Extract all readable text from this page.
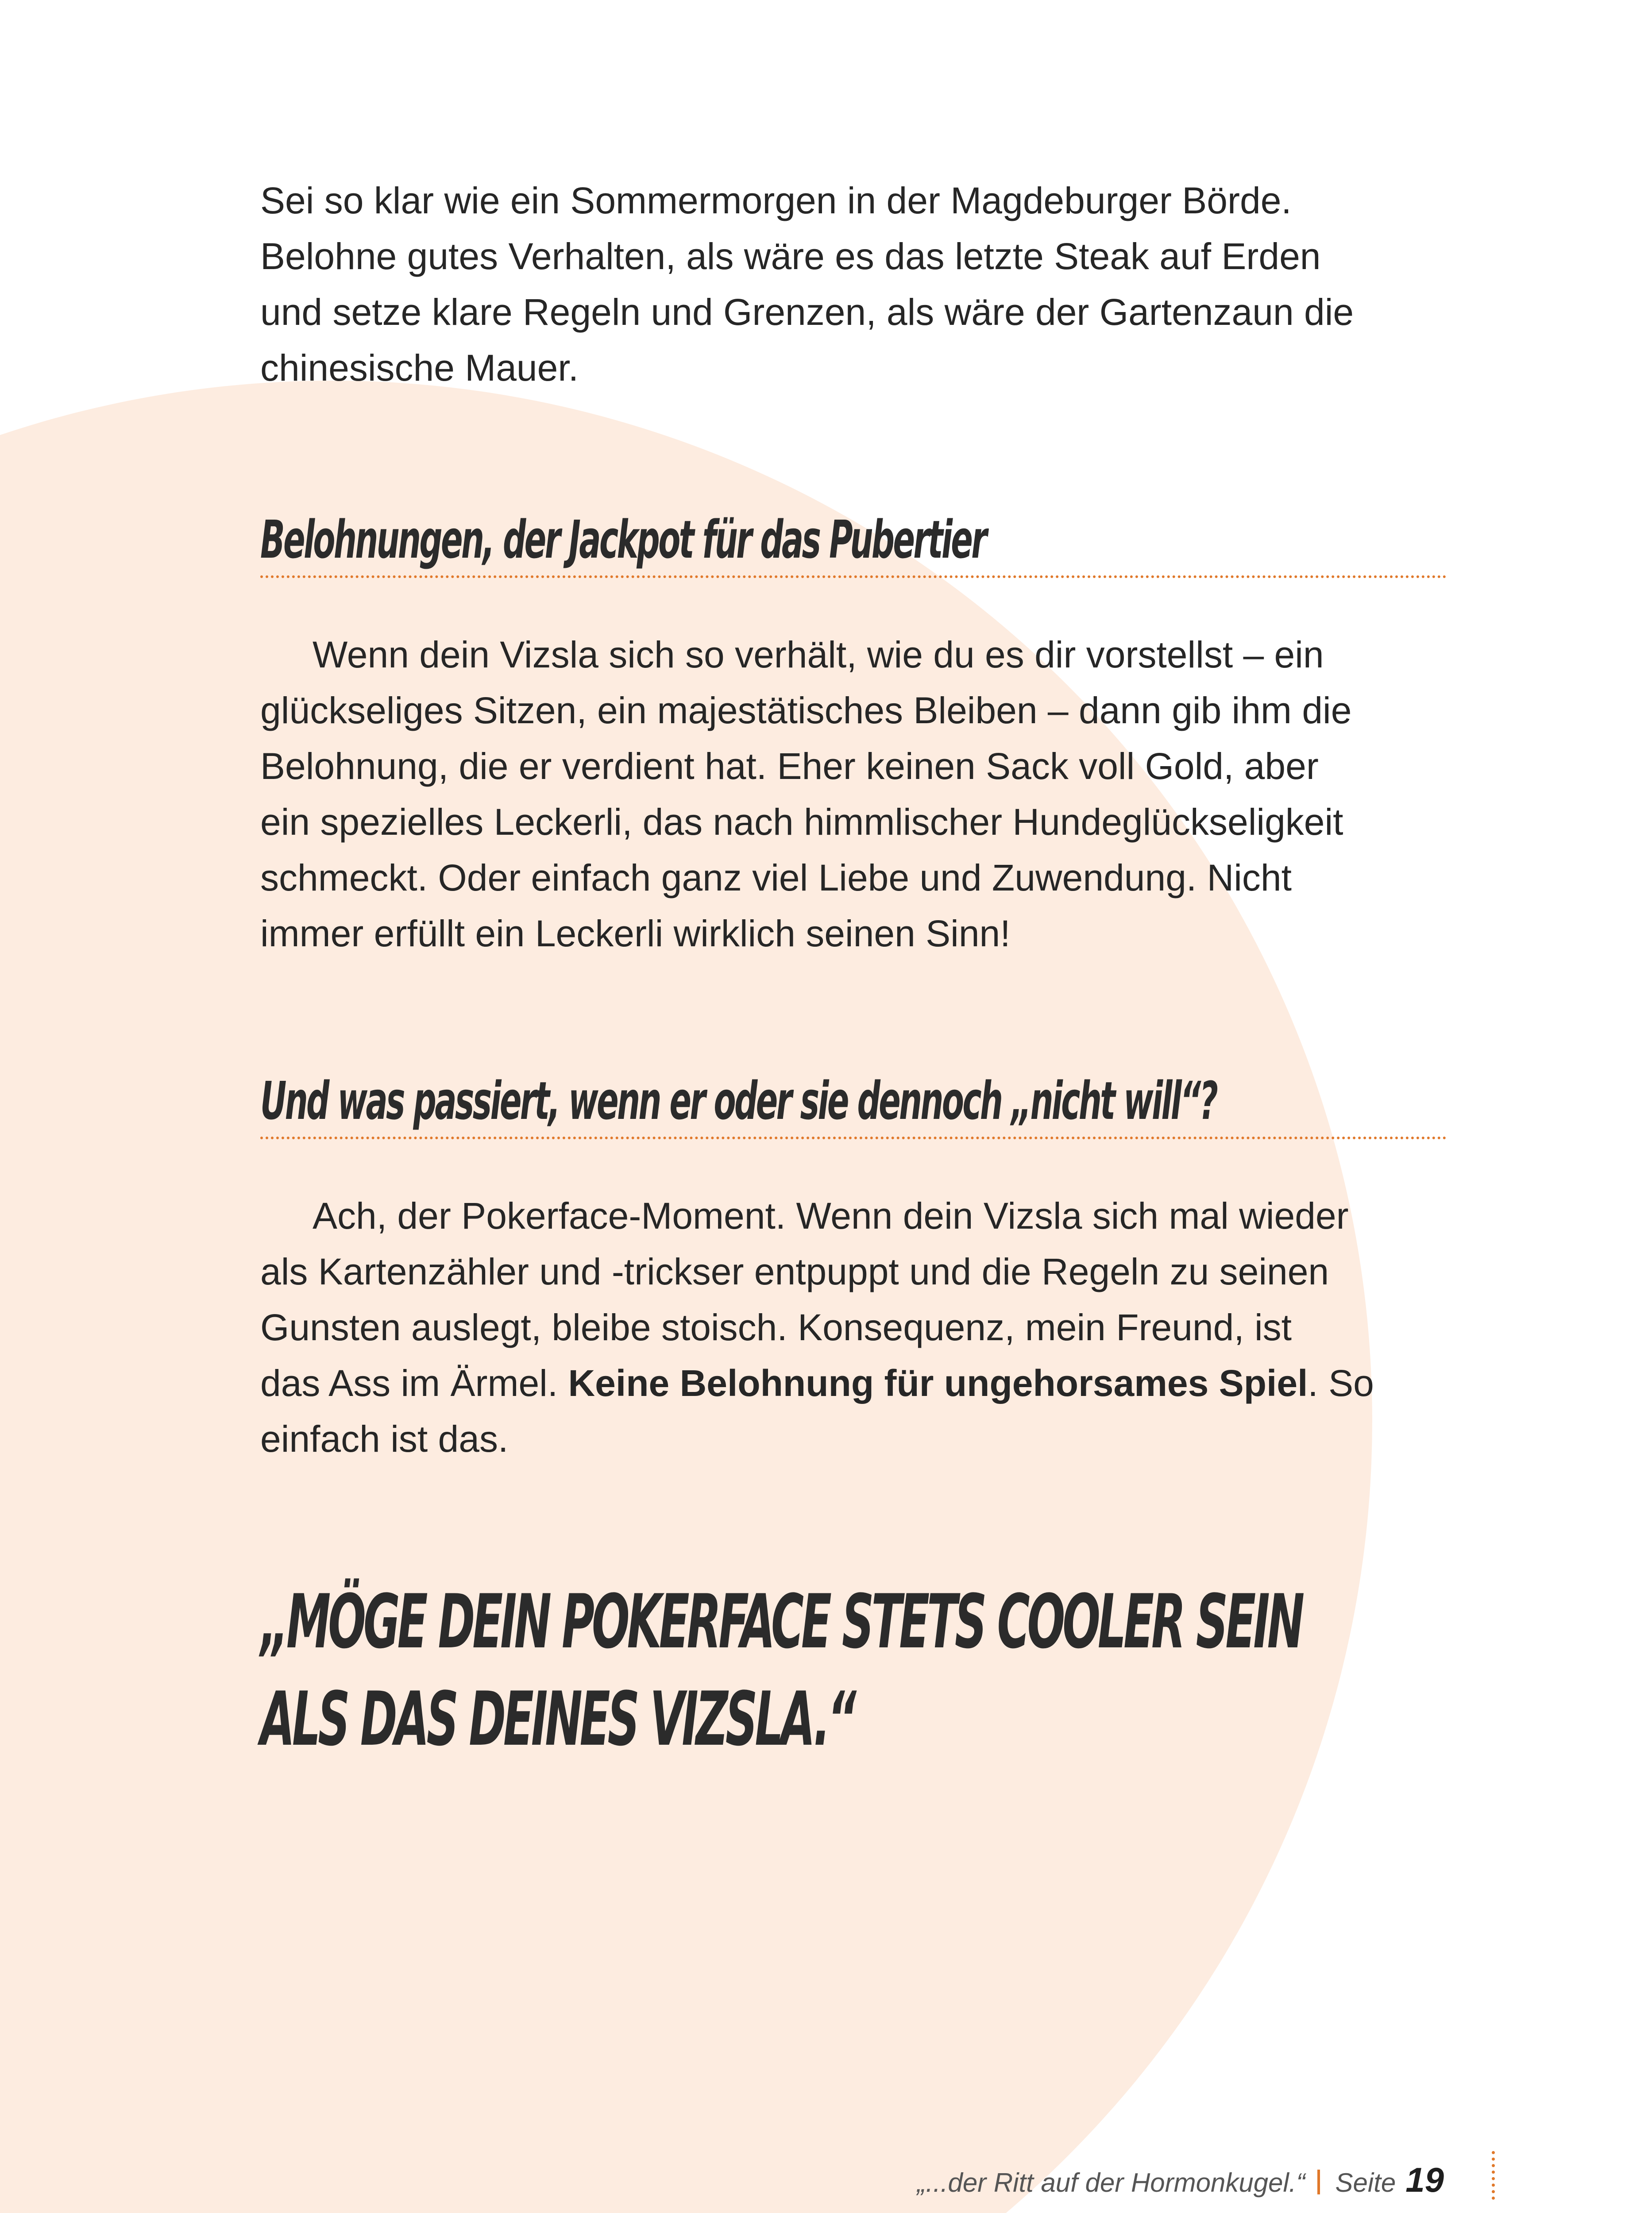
Sei so klar wie ein Sommermorgen in der Magdeburger Börde.

Belohne gutes Verhalten, als wäre es das letzte Steak auf Erden

und setze klare Regeln und Grenzen, als wäre der Gartenzaun die

chinesische Mauer.

Belohnungen, der Jackpot für das Pubertier

Wenn dein Vizsla sich so verhält, wie du es dir vorstellst – ein

glückseliges Sitzen, ein majestätisches Bleiben – dann gib ihm die

Belohnung, die er verdient hat. Eher keinen Sack voll Gold, aber

ein spezielles Leckerli, das nach himmlischer Hundeglückseligkeit

schmeckt. Oder einfach ganz viel Liebe und Zuwendung. Nicht

immer erfüllt ein Leckerli wirklich seinen Sinn!

Und was passiert, wenn er oder sie dennoch „nicht will“?

Ach, der Pokerface-Moment. Wenn dein Vizsla sich mal wieder

als Kartenzähler und -trickser entpuppt und die Regeln zu seinen

Gunsten auslegt, bleibe stoisch. Konsequenz, mein Freund, ist

das Ass im Ärmel. Keine Belohnung für ungehorsames Spiel. So

einfach ist das.

„MÖGE DEIN POKERFACE STETS COOLER SEIN
ALS DAS DEINES VIZSLA.“
„...der Ritt auf der Hormonkugel.“ Seite 19
